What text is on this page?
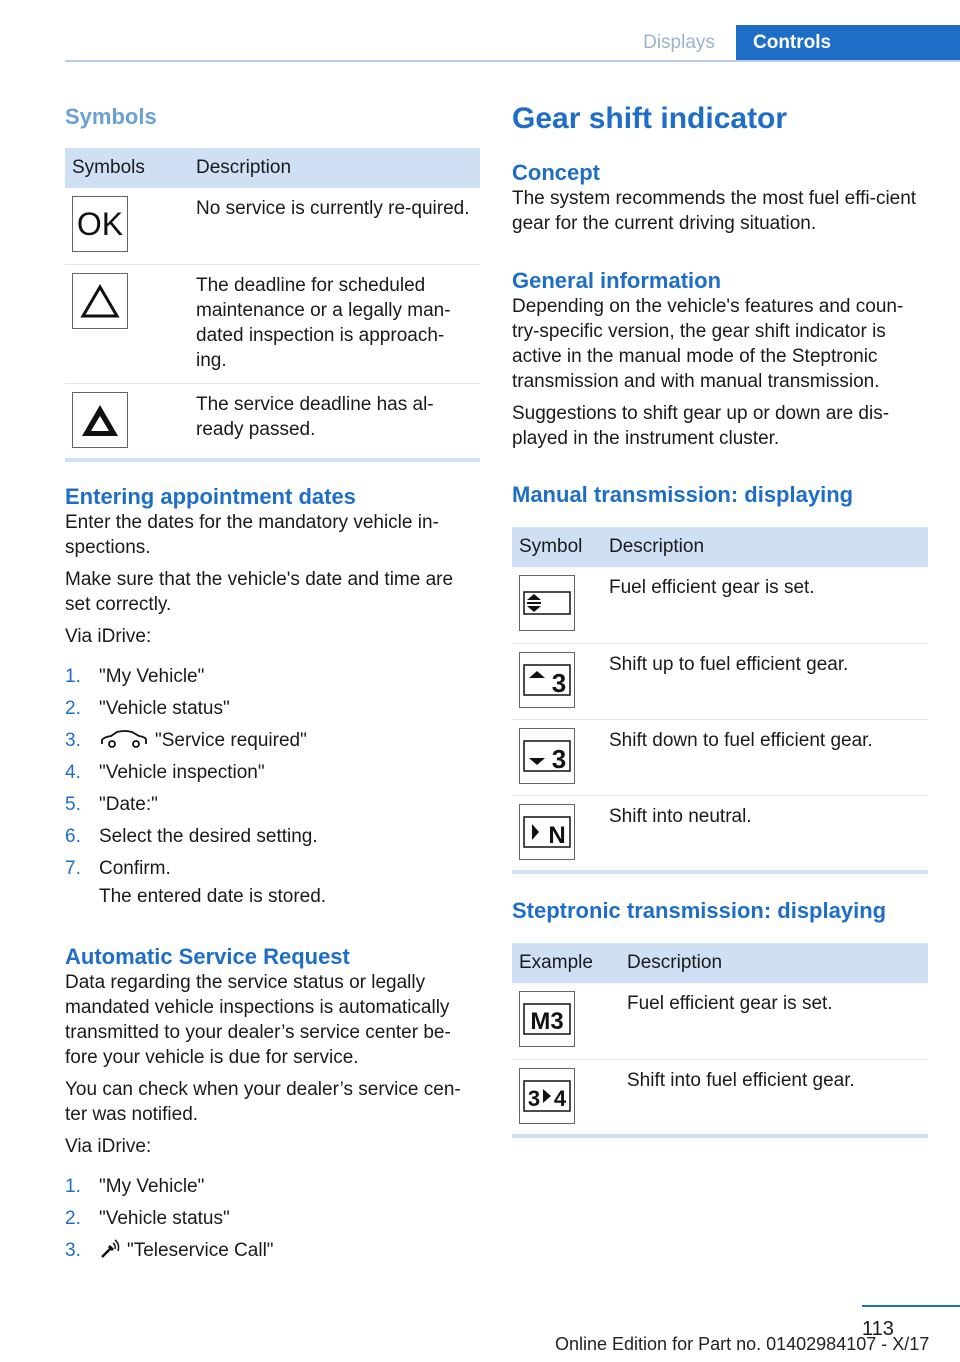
Displays	Controls
Symbols
Symbols	Description

OK	No service is currently re-quired.

	The deadline for scheduled maintenance or a legally man-dated inspection is approach-ing.

	The service deadline has al-ready passed.
Entering appointment dates

Enter the dates for the mandatory vehicle in-spections.

Make sure that the vehicle's date and time are set correctly.

Via iDrive:

1. "My Vehicle"
2. "Vehicle status"
3.	"Service required"
4. "Vehicle inspection"
5. "Date:"
6. Select the desired setting.
7. Confirm.

The entered date is stored.

Automatic Service Request

Data regarding the service status or legally mandated vehicle inspections is automatically transmitted to your dealer’s service center be-fore your vehicle is due for service.

You can check when your dealer’s service cen-ter was notified.

Via iDrive:

1. "My Vehicle"
2. "Vehicle status"
3. "Teleservice Call"
Gear shift indicator
Concept

The system recommends the most fuel effi-cient gear for the current driving situation.

General information

Depending on the vehicle's features and coun-try-specific version, the gear shift indicator is active in the manual mode of the Steptronic transmission and with manual transmission.

Suggestions to shift gear up or down are dis-played in the instrument cluster.

Manual transmission: displaying
Symbol	Description

	Fuel efficient gear is set.

3	Shift up to fuel efficient gear.

3	Shift down to fuel efficient gear.

N	Shift into neutral.
Steptronic transmission: displaying
Example	Description

M3	Fuel efficient gear is set.

3 4	Shift into fuel efficient gear.
113
Online Edition for Part no. 01402984107 - X/17
